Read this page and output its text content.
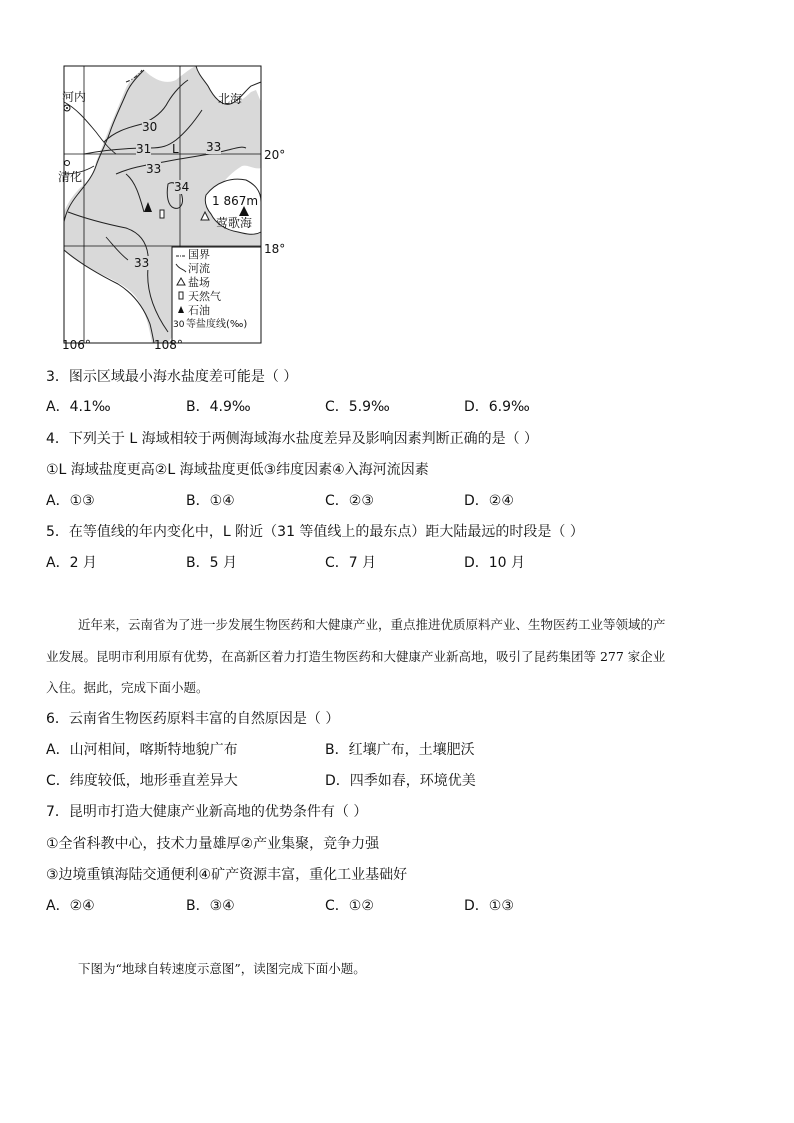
河内	北海
清化
莺歌海
1 867m
20°
18°
106°	108°
30
31 L 33
33
34
33
国界
河流
盐场
天然气
石油
30 等盐度线(‰)
3．图示区域最小海水盐度差可能是（ ）
A．4.1‰	B．4.9‰	C．5.9‰	D．6.9‰
4．下列关于 L 海域相较于两侧海域海水盐度差异及影响因素判断正确的是（ ）
①L 海域盐度更高②L 海域盐度更低③纬度因素④入海河流因素
A．①③	B．①④	C．②③	D．②④
5．在等值线的年内变化中，L 附近（31 等值线上的最东点）距大陆最远的时段是（ ）
A．2 月	B．5 月	C．7 月	D．10 月
近年来，云南省为了进一步发展生物医药和大健康产业，重点推进优质原料产业、生物医药工业等领域的产
业发展。昆明市利用原有优势，在高新区着力打造生物医药和大健康产业新高地，吸引了昆药集团等 277 家企业
入住。据此，完成下面小题。
6．云南省生物医药原料丰富的自然原因是（ ）
A．山河相间，喀斯特地貌广布	B．红壤广布，土壤肥沃
C．纬度较低，地形垂直差异大	D．四季如春，环境优美
7．昆明市打造大健康产业新高地的优势条件有（ ）
①全省科教中心，技术力量雄厚②产业集聚，竞争力强
③边境重镇海陆交通便利④矿产资源丰富，重化工业基础好
A．②④	B．③④	C．①②	D．①③
下图为“地球自转速度示意图”，读图完成下面小题。
